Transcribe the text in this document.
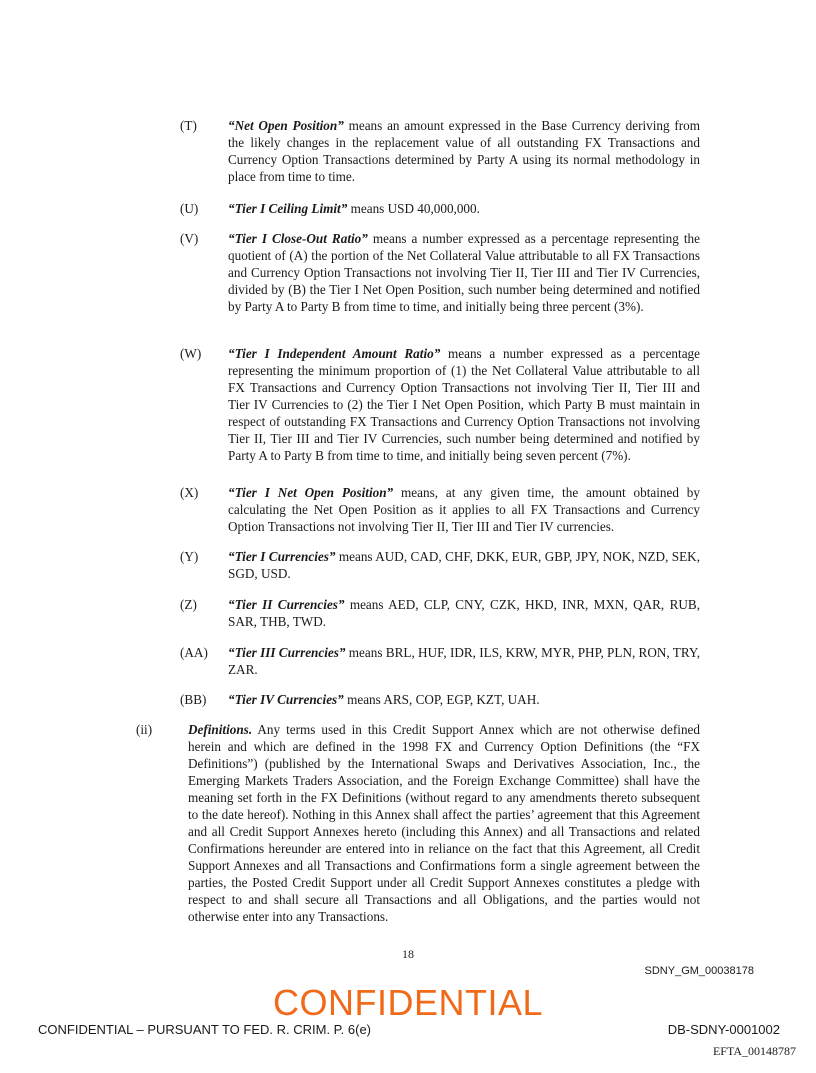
(T) “Net Open Position” means an amount expressed in the Base Currency deriving from the likely changes in the replacement value of all outstanding FX Transactions and Currency Option Transactions determined by Party A using its normal methodology in place from time to time.
(U) “Tier I Ceiling Limit” means USD 40,000,000.
(V) “Tier I Close-Out Ratio” means a number expressed as a percentage representing the quotient of (A) the portion of the Net Collateral Value attributable to all FX Transactions and Currency Option Transactions not involving Tier II, Tier III and Tier IV Currencies, divided by (B) the Tier I Net Open Position, such number being determined and notified by Party A to Party B from time to time, and initially being three percent (3%).
(W) “Tier I Independent Amount Ratio” means a number expressed as a percentage representing the minimum proportion of (1) the Net Collateral Value attributable to all FX Transactions and Currency Option Transactions not involving Tier II, Tier III and Tier IV Currencies to (2) the Tier I Net Open Position, which Party B must maintain in respect of outstanding FX Transactions and Currency Option Transactions not involving Tier II, Tier III and Tier IV Currencies, such number being determined and notified by Party A to Party B from time to time, and initially being seven percent (7%).
(X) “Tier I Net Open Position” means, at any given time, the amount obtained by calculating the Net Open Position as it applies to all FX Transactions and Currency Option Transactions not involving Tier II, Tier III and Tier IV currencies.
(Y) “Tier I Currencies” means AUD, CAD, CHF, DKK, EUR, GBP, JPY, NOK, NZD, SEK, SGD, USD.
(Z) “Tier II Currencies” means AED, CLP, CNY, CZK, HKD, INR, MXN, QAR, RUB, SAR, THB, TWD.
(AA) “Tier III Currencies” means BRL, HUF, IDR, ILS, KRW, MYR, PHP, PLN, RON, TRY, ZAR.
(BB) “Tier IV Currencies” means ARS, COP, EGP, KZT, UAH.
(ii)	Definitions. Any terms used in this Credit Support Annex which are not otherwise defined herein and which are defined in the 1998 FX and Currency Option Definitions (the “FX Definitions”) (published by the International Swaps and Derivatives Association, Inc., the Emerging Markets Traders Association, and the Foreign Exchange Committee) shall have the meaning set forth in the FX Definitions (without regard to any amendments thereto subsequent to the date hereof). Nothing in this Annex shall affect the parties’ agreement that this Agreement and all Credit Support Annexes hereto (including this Annex) and all Transactions and related Confirmations hereunder are entered into in reliance on the fact that this Agreement, all Credit Support Annexes and all Transactions and Confirmations form a single agreement between the parties, the Posted Credit Support under all Credit Support Annexes constitutes a pledge with respect to and shall secure all Transactions and all Obligations, and the parties would not otherwise enter into any Transactions.
18
SDNY_GM_00038178
CONFIDENTIAL
CONFIDENTIAL – PURSUANT TO FED. R. CRIM. P. 6(e)	DB-SDNY-0001002
EFTA_00148787
